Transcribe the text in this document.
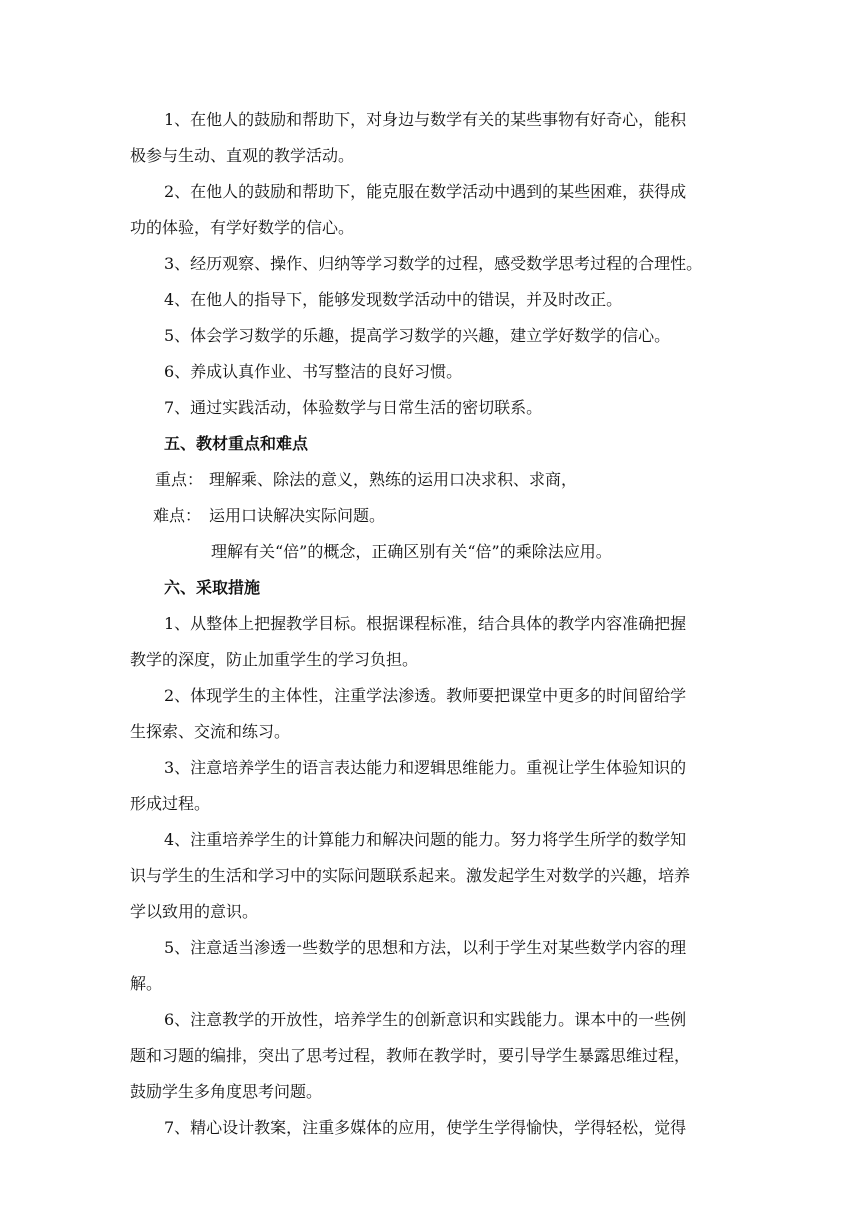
1、在他人的鼓励和帮助下，对身边与数学有关的某些事物有好奇心，能积

极参与生动、直观的教学活动。

2、在他人的鼓励和帮助下，能克服在数学活动中遇到的某些困难，获得成

功的体验，有学好数学的信心。

3、经历观察、操作、归纳等学习数学的过程，感受数学思考过程的合理性。

4、在他人的指导下，能够发现数学活动中的错误，并及时改正。

5、体会学习数学的乐趣，提高学习数学的兴趣，建立学好数学的信心。

6、养成认真作业、书写整洁的良好习惯。

7、通过实践活动，体验数学与日常生活的密切联系。

五、教材重点和难点

重点： 理解乘、除法的意义，熟练的运用口决求积、求商，

难点： 运用口诀解决实际问题。

理解有关“倍”的概念，正确区别有关“倍”的乘除法应用。

六、采取措施

1、从整体上把握教学目标。根据课程标准，结合具体的教学内容准确把握

教学的深度，防止加重学生的学习负担。

2、体现学生的主体性，注重学法渗透。教师要把课堂中更多的时间留给学

生探索、交流和练习。

3、注意培养学生的语言表达能力和逻辑思维能力。重视让学生体验知识的

形成过程。

4、注重培养学生的计算能力和解决问题的能力。努力将学生所学的数学知

识与学生的生活和学习中的实际问题联系起来。激发起学生对数学的兴趣，培养

学以致用的意识。

5、注意适当渗透一些数学的思想和方法，以利于学生对某些数学内容的理

解。

6、注意教学的开放性，培养学生的创新意识和实践能力。课本中的一些例

题和习题的编排，突出了思考过程，教师在教学时，要引导学生暴露思维过程，

鼓励学生多角度思考问题。

7、精心设计教案，注重多媒体的应用，使学生学得愉快，学得轻松，觉得
